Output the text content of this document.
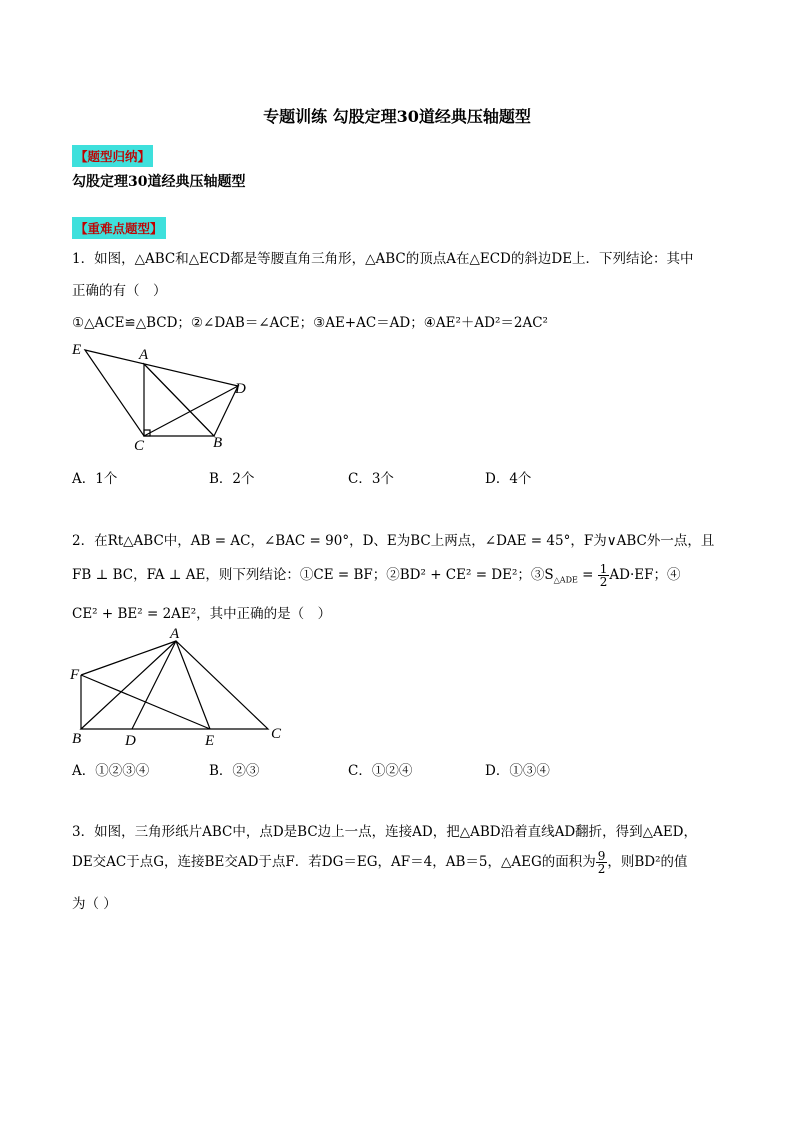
专题训练 勾股定理30道经典压轴题型
【题型归纳】
勾股定理30道经典压轴题型
【重难点题型】
1．如图，△ABC和△ECD都是等腰直角三角形，△ABC的顶点A在△ECD的斜边DE上．下列结论：其中
正确的有（　）
①△ACE≌△BCD；②∠DAB＝∠ACE；③AE+AC＝AD；④AE²＋AD²＝2AC²
E	A
D
C	B
A．1个	B．2个	C．3个	D．4个
2．在Rt△ABC中，AB = AC，∠BAC = 90°，D、E为BC上两点，∠DAE = 45°，F为∨ABC外一点，且
FB ⊥ BC，FA ⊥ AE，则下列结论：①CE = BF；②BD² + CE² = DE²；$③S_{\triangle ADE} = \frac{1}{2} AD\cdot EF$；④
CE² + BE² = 2AE²，其中正确的是（　）
A
F
B	D	E	C
A．①②③④	B．②③	C．①②④	D．①③④
3．如图，三角形纸片ABC中，点D是BC边上一点，连接AD，把△ABD沿着直线AD翻折，得到△AED，
DE交AC于点G，连接BE交AD于点F．若DG＝EG，AF＝4，AB＝5，△AEG的面积为 $\frac{9}{2}$ ，则BD²的值
为（ ）
